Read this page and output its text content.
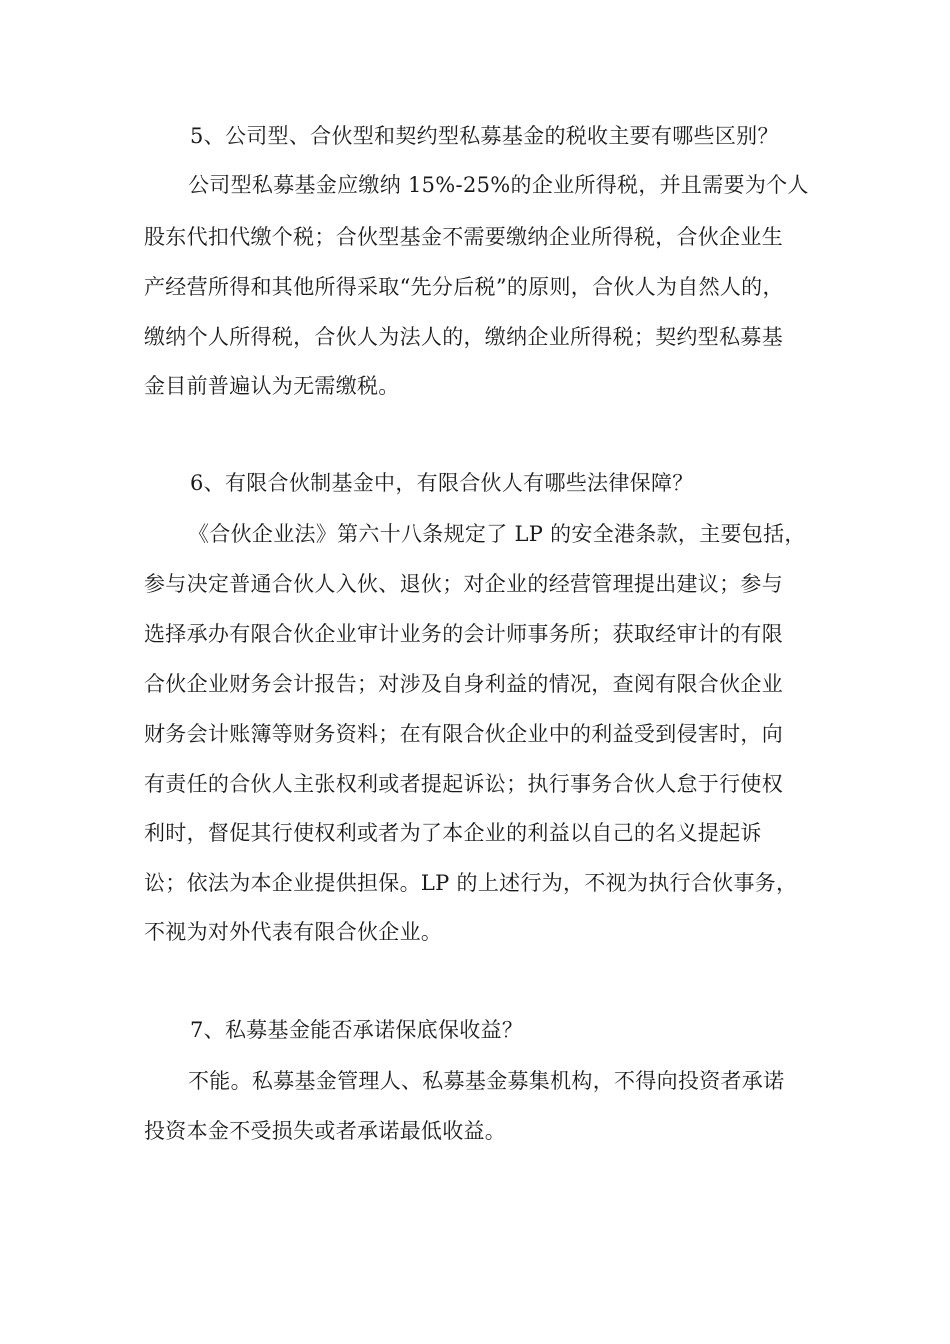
5、公司型、合伙型和契约型私募基金的税收主要有哪些区别？
公司型私募基金应缴纳 15%-25%的企业所得税，并且需要为个人
股东代扣代缴个税；合伙型基金不需要缴纳企业所得税，合伙企业生
产经营所得和其他所得采取“先分后税”的原则，合伙人为自然人的，
缴纳个人所得税，合伙人为法人的，缴纳企业所得税；契约型私募基
金目前普遍认为无需缴税。
6、有限合伙制基金中，有限合伙人有哪些法律保障？
《合伙企业法》第六十八条规定了 LP 的安全港条款，主要包括，
参与决定普通合伙人入伙、退伙；对企业的经营管理提出建议；参与
选择承办有限合伙企业审计业务的会计师事务所；获取经审计的有限
合伙企业财务会计报告；对涉及自身利益的情况，查阅有限合伙企业
财务会计账簿等财务资料；在有限合伙企业中的利益受到侵害时，向
有责任的合伙人主张权利或者提起诉讼；执行事务合伙人怠于行使权
利时，督促其行使权利或者为了本企业的利益以自己的名义提起诉
讼；依法为本企业提供担保。LP 的上述行为，不视为执行合伙事务，
不视为对外代表有限合伙企业。
7、私募基金能否承诺保底保收益？
不能。私募基金管理人、私募基金募集机构，不得向投资者承诺
投资本金不受损失或者承诺最低收益。
